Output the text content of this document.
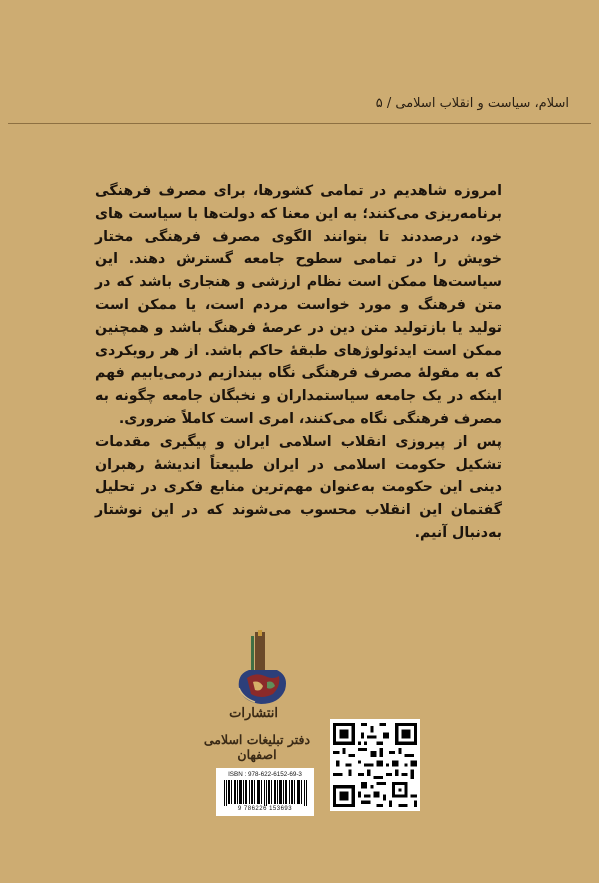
اسلام، سیاست و انقلاب اسلامی / ۵

امروزه شاهدیم در تمامی کشورها، برای مصرف فرهنگی برنامه‌ریزی می‌کنند؛ به این معنا که دولت‌ها با سیاست های خود، درصددند تا بتوانند الگوی مصرف فرهنگی مختار خویش را در تمامی سطوح جامعه گسترش دهند. این سیاست‌ها ممکن است نظام ارزشی و هنجاری باشد که در متن فرهنگ و مورد خواست مردم است، یا ممکن است تولید یا بازتولید متن دین در عرصهٔ فرهنگ باشد و همچنین ممکن است ایدئولوژهای طبقهٔ حاکم باشد. از هر رویکردی که به مقولهٔ مصرف فرهنگی نگاه بیندازیم درمی‌یابیم فهم اینکه در یک جامعه سیاستمداران و نخبگان جامعه چگونه به مصرف فرهنگی نگاه می‌کنند، امری است کاملاً ضروری.

پس از پیروزی انقلاب اسلامی ایران و پیگیری مقدمات تشکیل حکومت اسلامی در ایران طبیعتاً اندیشهٔ رهبران دینی این حکومت به‌عنوان مهم‌ترین منابع فکری در تحلیل گفتمان این انقلاب محسوب می‌شوند که در این نوشتار به‌دنبال آنیم.

انتشارات
دفتر تبلیغات اسلامی اصفهان
ISBN : 978-622-6152-69-3
9 786226 153693
